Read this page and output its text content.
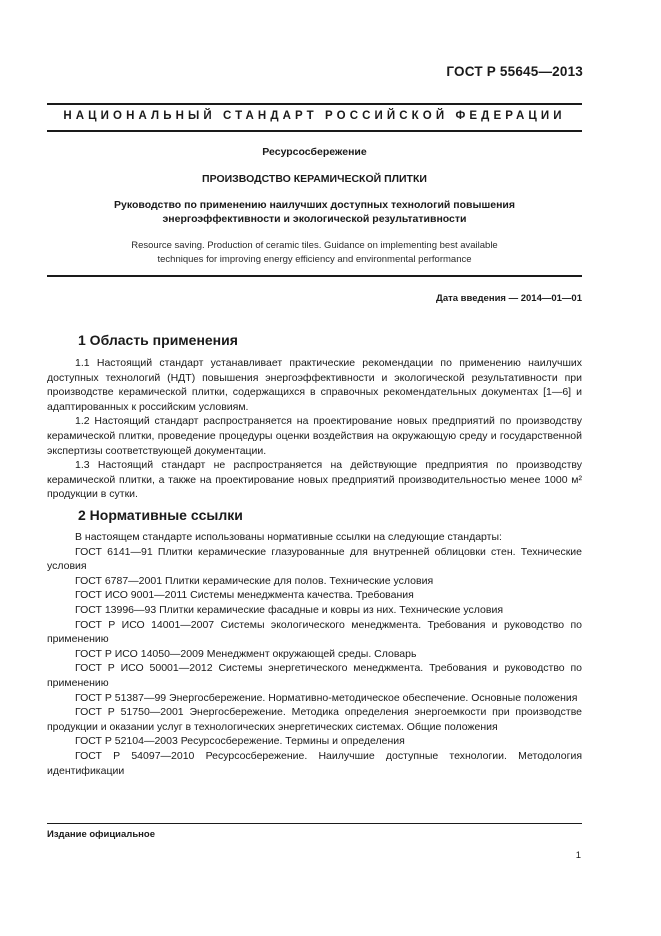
ГОСТ Р 55645—2013
НАЦИОНАЛЬНЫЙ СТАНДАРТ РОССИЙСКОЙ ФЕДЕРАЦИИ
Ресурсосбережение
ПРОИЗВОДСТВО КЕРАМИЧЕСКОЙ ПЛИТКИ
Руководство по применению наилучших доступных технологий повышения
энергоэффективности и экологической результативности
Resource saving. Production of ceramic tiles. Guidance on implementing best available
techniques for improving energy efficiency and environmental performance
Дата введения — 2014—01—01
1 Область применения

1.1 Настоящий стандарт устанавливает практические рекомендации по применению наилучших доступных технологий (НДТ) повышения энергоэффективности и экологической результативности при производстве керамической плитки, содержащихся в справочных рекомендательных документах [1—6] и адаптированных к российским условиям.

1.2 Настоящий стандарт распространяется на проектирование новых предприятий по производству керамической плитки, проведение процедуры оценки воздействия на окружающую среду и государственной экспертизы соответствующей документации.

1.3 Настоящий стандарт не распространяется на действующие предприятия по производству керамической плитки, а также на проектирование новых предприятий производительностью менее 1000 м² продукции в сутки.

2 Нормативные ссылки

В настоящем стандарте использованы нормативные ссылки на следующие стандарты:

ГОСТ 6141—91 Плитки керамические глазурованные для внутренней облицовки стен. Технические условия

ГОСТ 6787—2001 Плитки керамические для полов. Технические условия

ГОСТ ИСО 9001—2011 Системы менеджмента качества. Требования

ГОСТ 13996—93 Плитки керамические фасадные и ковры из них. Технические условия

ГОСТ Р ИСО 14001—2007 Системы экологического менеджмента. Требования и руководство по применению

ГОСТ Р ИСО 14050—2009 Менеджмент окружающей среды. Словарь

ГОСТ Р ИСО 50001—2012 Системы энергетического менеджмента. Требования и руководство по применению

ГОСТ Р 51387—99 Энергосбережение. Нормативно-методическое обеспечение. Основные положения

ГОСТ Р 51750—2001 Энергосбережение. Методика определения энергоемкости при производстве продукции и оказании услуг в технологических энергетических системах. Общие положения

ГОСТ Р 52104—2003 Ресурсосбережение. Термины и определения

ГОСТ Р 54097—2010 Ресурсосбережение. Наилучшие доступные технологии. Методология идентификации

Издание официальное
1
